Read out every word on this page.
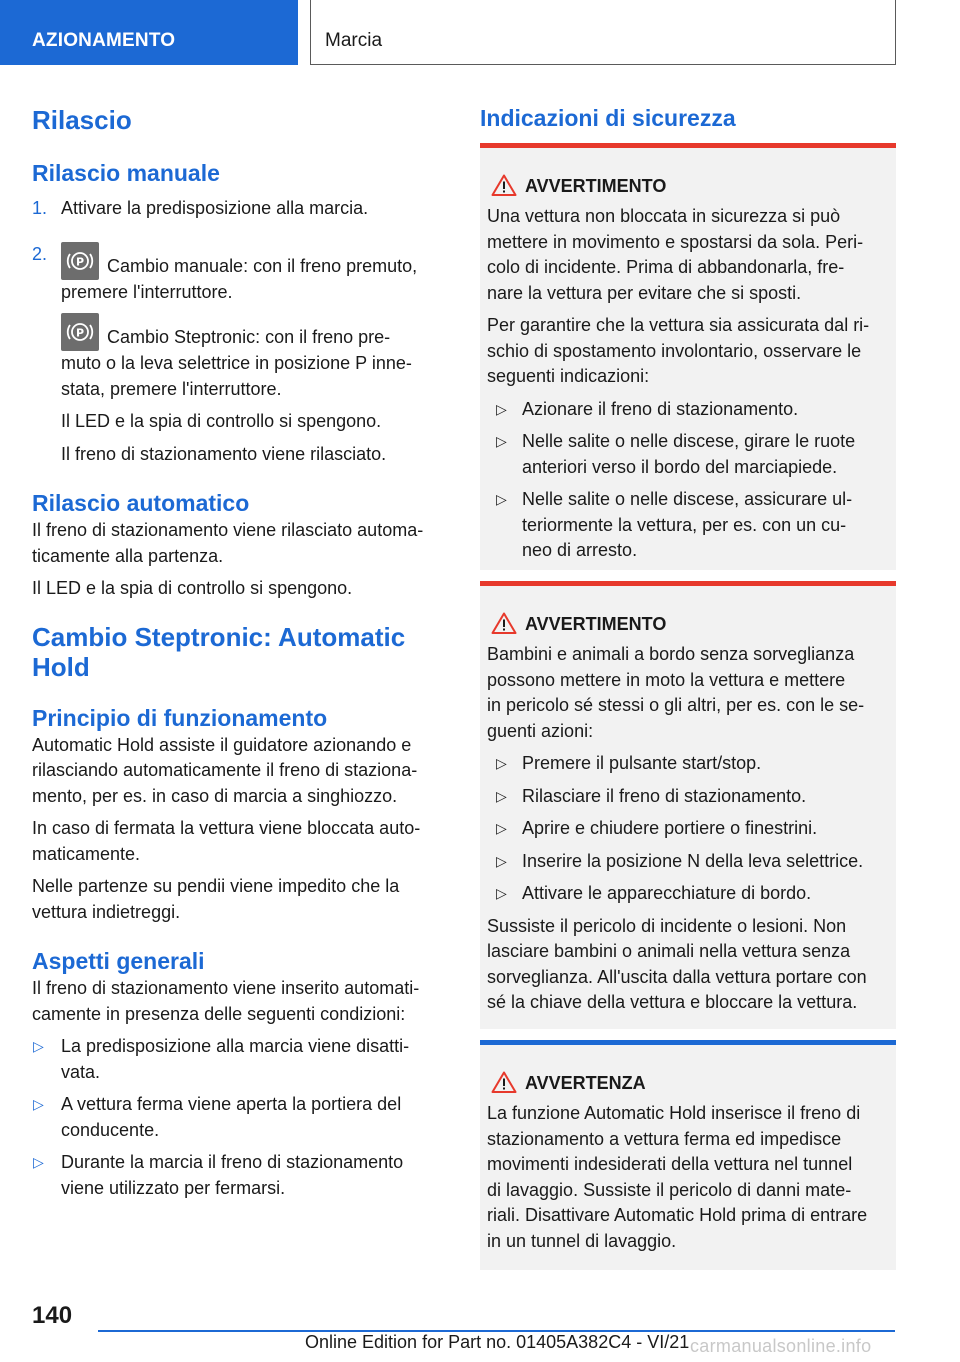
AZIONAMENTO	Marcia
Rilascio
Rilascio manuale
1. Attivare la predisposizione alla marcia.
2.	P Cambio manuale: con il freno premuto,
premere l'interruttore.
P Cambio Steptronic: con il freno pre-
muto o la leva selettrice in posizione P inne-
stata, premere l'interruttore.
Il LED e la spia di controllo si spengono.
Il freno di stazionamento viene rilasciato.
Rilascio automatico
Il freno di stazionamento viene rilasciato automa-
ticamente alla partenza.
Il LED e la spia di controllo si spengono.
Cambio Steptronic: Automatic
Hold
Principio di funzionamento
Automatic Hold assiste il guidatore azionando e
rilasciando automaticamente il freno di staziona-
mento, per es. in caso di marcia a singhiozzo.
In caso di fermata la vettura viene bloccata auto-
maticamente.
Nelle partenze su pendii viene impedito che la
vettura indietreggi.
Aspetti generali
Il freno di stazionamento viene inserito automati-
camente in presenza delle seguenti condizioni:
▷ La predisposizione alla marcia viene disatti-
vata.
▷ A vettura ferma viene aperta la portiera del
conducente.
▷ Durante la marcia il freno di stazionamento
viene utilizzato per fermarsi.
Indicazioni di sicurezza
AVVERTIMENTO
Una vettura non bloccata in sicurezza si può
mettere in movimento e spostarsi da sola. Peri-
colo di incidente. Prima di abbandonarla, fre-
nare la vettura per evitare che si sposti.
Per garantire che la vettura sia assicurata dal ri-
schio di spostamento involontario, osservare le
seguenti indicazioni:
▷ Azionare il freno di stazionamento.
▷ Nelle salite o nelle discese, girare le ruote
anteriori verso il bordo del marciapiede.
▷ Nelle salite o nelle discese, assicurare ul-
teriormente la vettura, per es. con un cu-
neo di arresto.
AVVERTIMENTO
Bambini e animali a bordo senza sorveglianza
possono mettere in moto la vettura e mettere
in pericolo sé stessi o gli altri, per es. con le se-
guenti azioni:
▷ Premere il pulsante start/stop.
▷ Rilasciare il freno di stazionamento.
▷ Aprire e chiudere portiere o finestrini.
▷ Inserire la posizione N della leva selettrice.
▷ Attivare le apparecchiature di bordo.
Sussiste il pericolo di incidente o lesioni. Non
lasciare bambini o animali nella vettura senza
sorveglianza. All'uscita dalla vettura portare con
sé la chiave della vettura e bloccare la vettura.
AVVERTENZA
La funzione Automatic Hold inserisce il freno di
stazionamento a vettura ferma ed impedisce
movimenti indesiderati della vettura nel tunnel
di lavaggio. Sussiste il pericolo di danni mate-
riali. Disattivare Automatic Hold prima di entrare
in un tunnel di lavaggio.
140
Online Edition for Part no. 01405A382C4 - VI/21 carmanualsonline.info
